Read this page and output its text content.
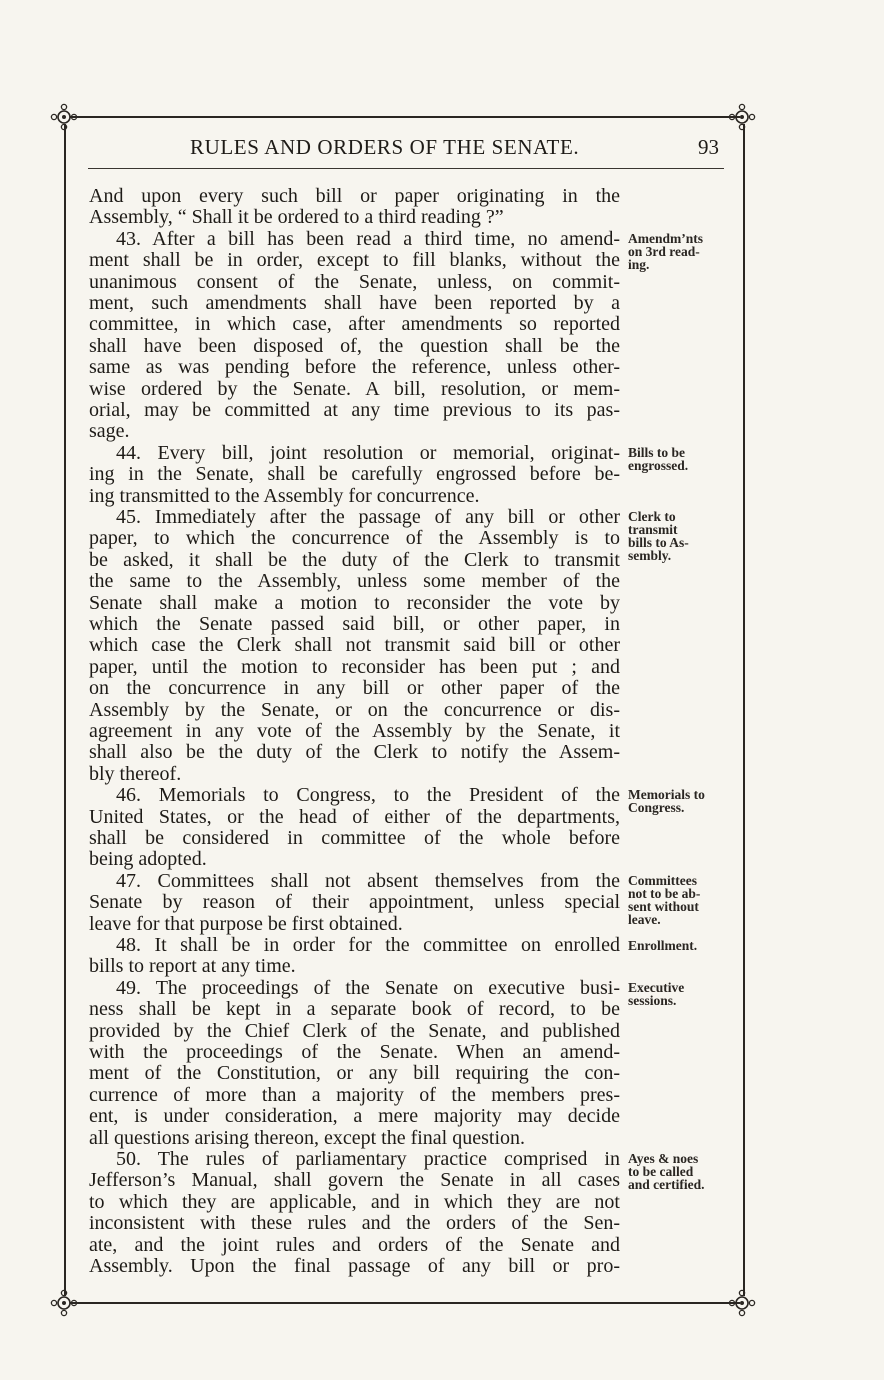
RULES AND ORDERS OF THE SENATE.	93
And upon every such bill or paper originating in the
Assembly, “ Shall it be ordered to a third reading ?”
43. After a bill has been read a third time, no amend-
ment shall be in order, except to fill blanks, without the
unanimous consent of the Senate, unless, on commit-
ment, such amendments shall have been reported by a
committee, in which case, after amendments so reported
shall have been disposed of, the question shall be the
same as was pending before the reference, unless other-
wise ordered by the Senate. A bill, resolution, or mem-
orial, may be committed at any time previous to its pas-
sage.
44. Every bill, joint resolution or memorial, originat-
ing in the Senate, shall be carefully engrossed before be-
ing transmitted to the Assembly for concurrence.
45. Immediately after the passage of any bill or other
paper, to which the concurrence of the Assembly is to
be asked, it shall be the duty of the Clerk to transmit
the same to the Assembly, unless some member of the
Senate shall make a motion to reconsider the vote by
which the Senate passed said bill, or other paper, in
which case the Clerk shall not transmit said bill or other
paper, until the motion to reconsider has been put ; and
on the concurrence in any bill or other paper of the
Assembly by the Senate, or on the concurrence or dis-
agreement in any vote of the Assembly by the Senate, it
shall also be the duty of the Clerk to notify the Assem-
bly thereof.
46. Memorials to Congress, to the President of the
United States, or the head of either of the departments,
shall be considered in committee of the whole before
being adopted.
47. Committees shall not absent themselves from the
Senate by reason of their appointment, unless special
leave for that purpose be first obtained.
48. It shall be in order for the committee on enrolled
bills to report at any time.
49. The proceedings of the Senate on executive busi-
ness shall be kept in a separate book of record, to be
provided by the Chief Clerk of the Senate, and published
with the proceedings of the Senate. When an amend-
ment of the Constitution, or any bill requiring the con-
currence of more than a majority of the members pres-
ent, is under consideration, a mere majority may decide
all questions arising thereon, except the final question.
50. The rules of parliamentary practice comprised in
Jefferson’s Manual, shall govern the Senate in all cases
to which they are applicable, and in which they are not
inconsistent with these rules and the orders of the Sen-
ate, and the joint rules and orders of the Senate and
Assembly. Upon the final passage of any bill or pro-
Amendm’nts
on 3rd read-
ing.
Bills to be
engrossed.
Clerk to
transmit
bills to As-
sembly.
Memorials to
Congress.
Committees
not to be ab-
sent without
leave.
Enrollment.
Executive
sessions.
Ayes & noes
to be called
and certified.
